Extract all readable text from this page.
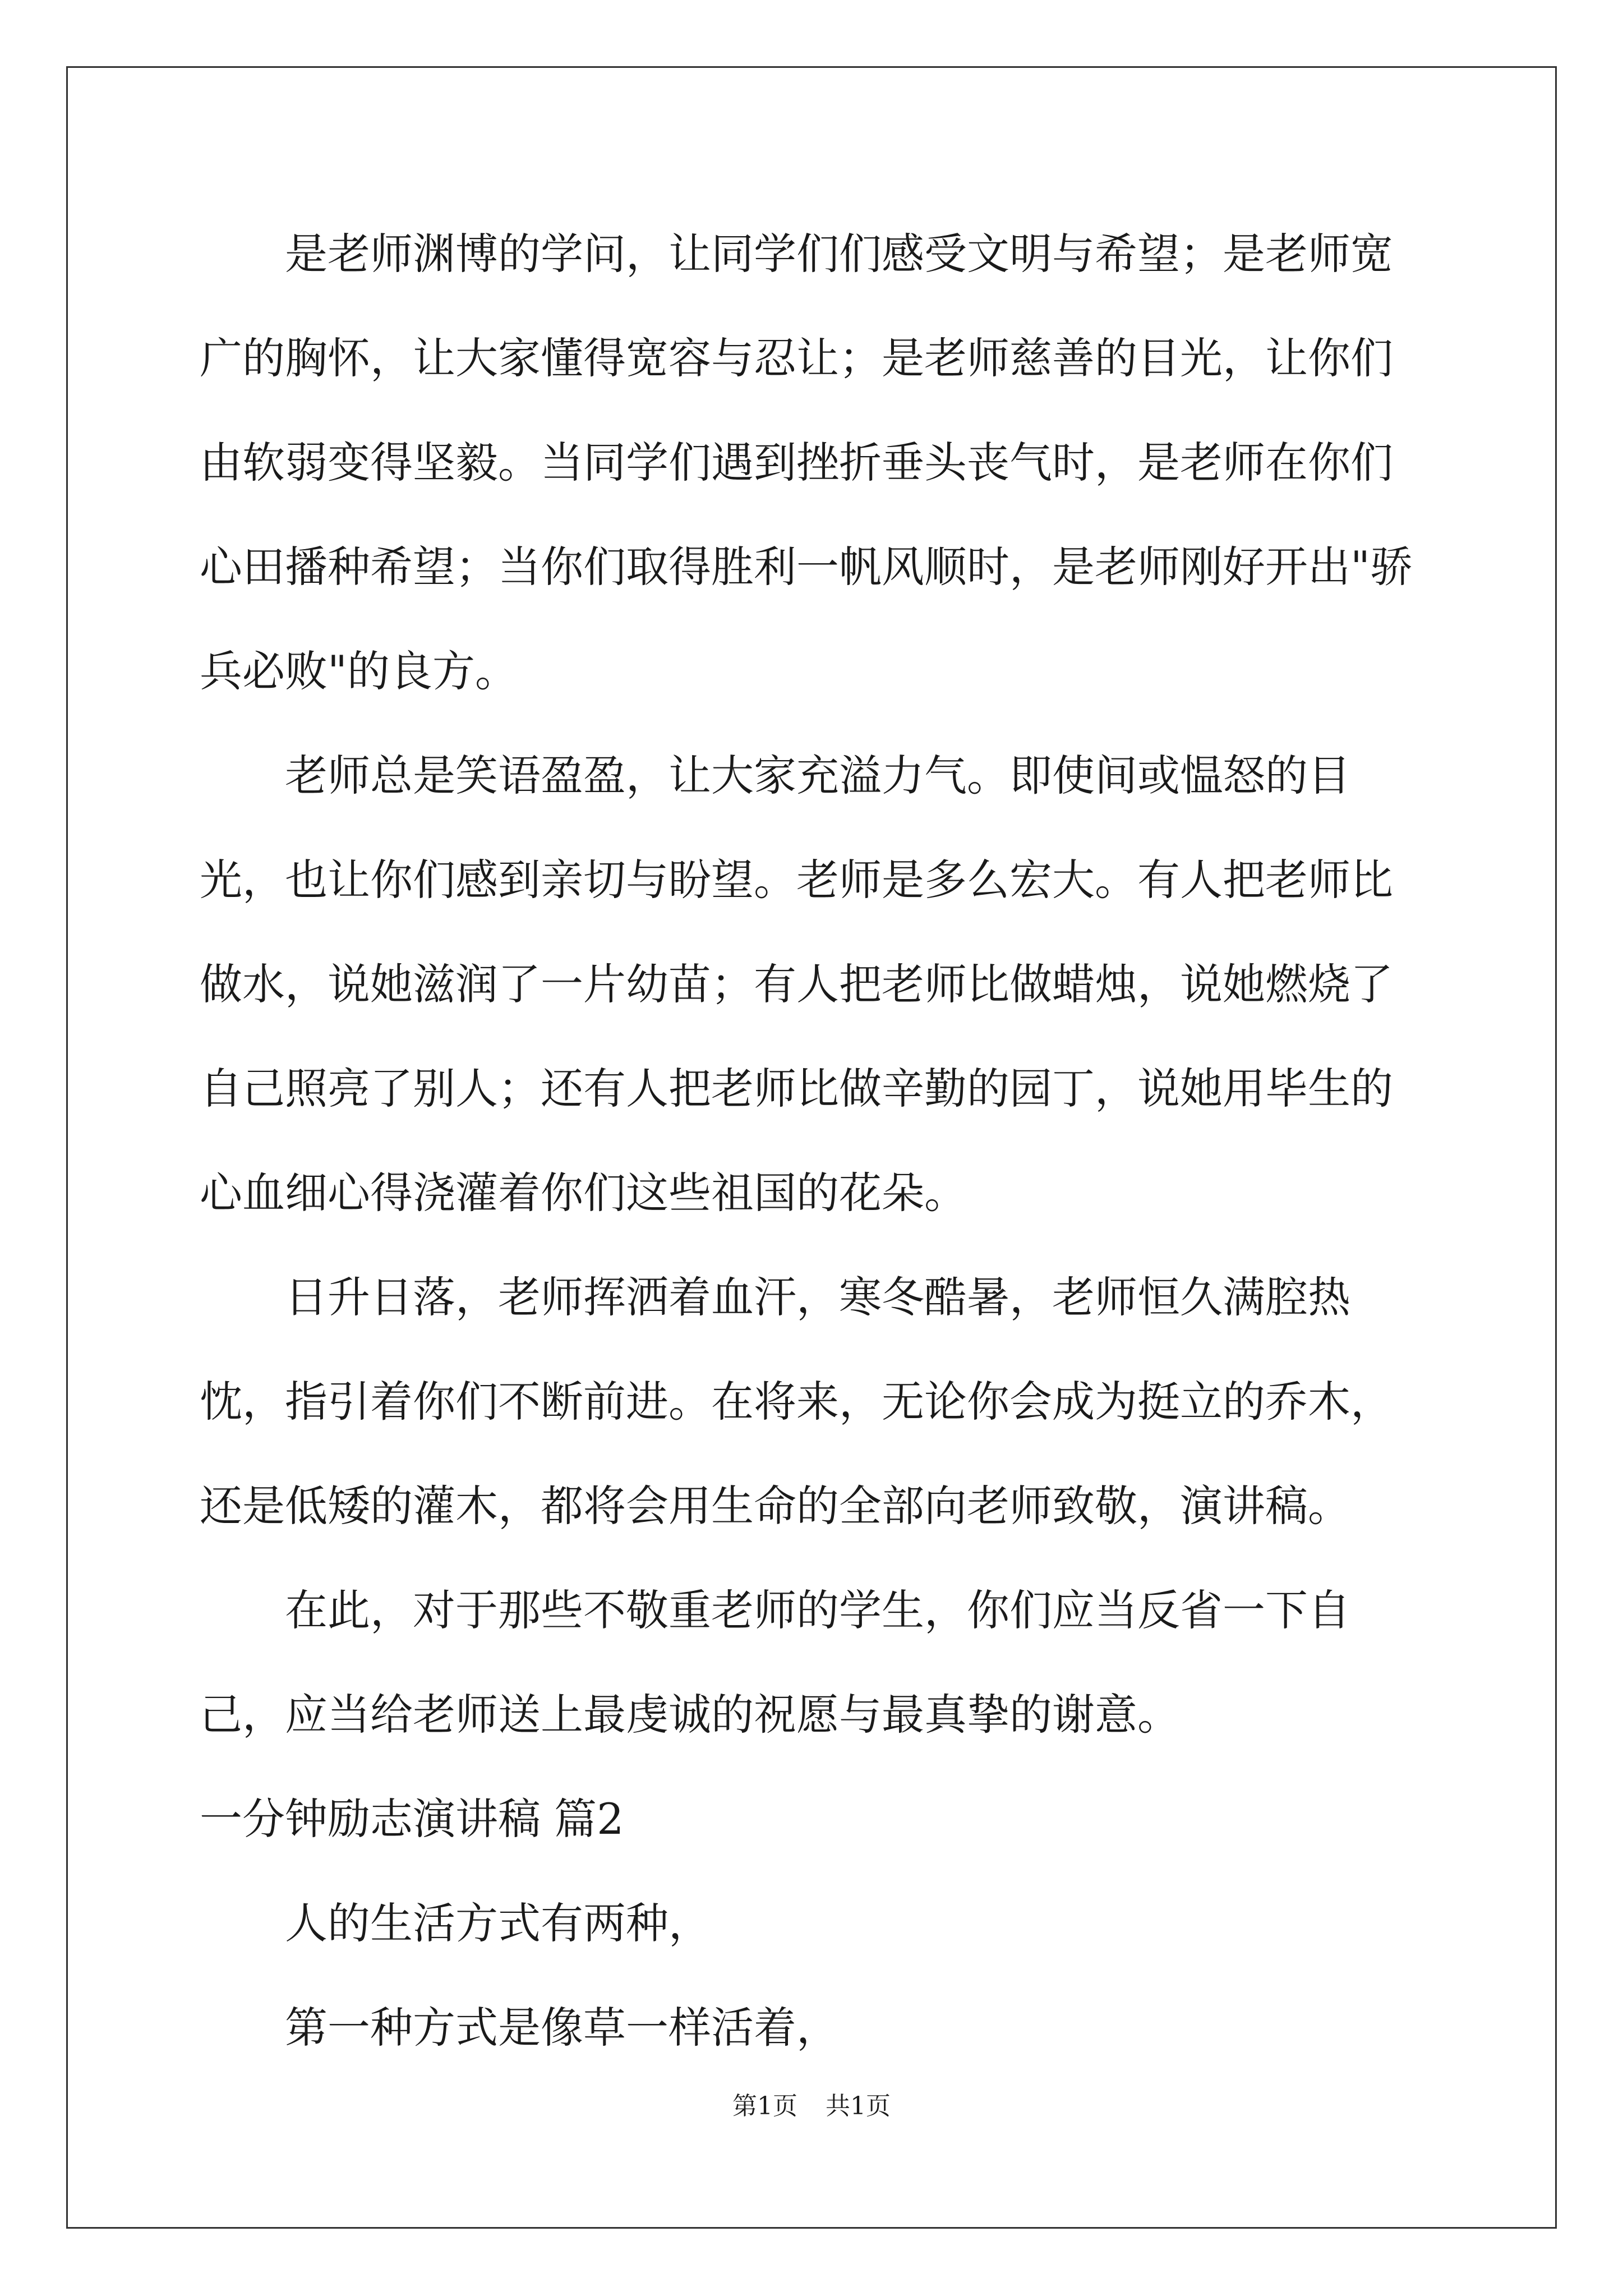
是老师渊博的学问，让同学们们感受文明与希望；是老师宽广的胸怀，让大家懂得宽容与忍让；是老师慈善的目光，让你们由软弱变得坚毅。当同学们遇到挫折垂头丧气时，是老师在你们心田播种希望；当你们取得胜利一帆风顺时，是老师刚好开出"骄兵必败"的良方。

老师总是笑语盈盈，让大家充溢力气。即使间或愠怒的目光，也让你们感到亲切与盼望。老师是多么宏大。有人把老师比做水，说她滋润了一片幼苗；有人把老师比做蜡烛，说她燃烧了自己照亮了别人；还有人把老师比做辛勤的园丁，说她用毕生的心血细心得浇灌着你们这些祖国的花朵。

日升日落，老师挥洒着血汗，寒冬酷暑，老师恒久满腔热忱，指引着你们不断前进。在将来，无论你会成为挺立的乔木，还是低矮的灌木，都将会用生命的全部向老师致敬，演讲稿。

在此，对于那些不敬重老师的学生，你们应当反省一下自己，应当给老师送上最虔诚的祝愿与最真挚的谢意。

一分钟励志演讲稿 篇2

人的生活方式有两种，

第一种方式是像草一样活着，

第1页 共1页
